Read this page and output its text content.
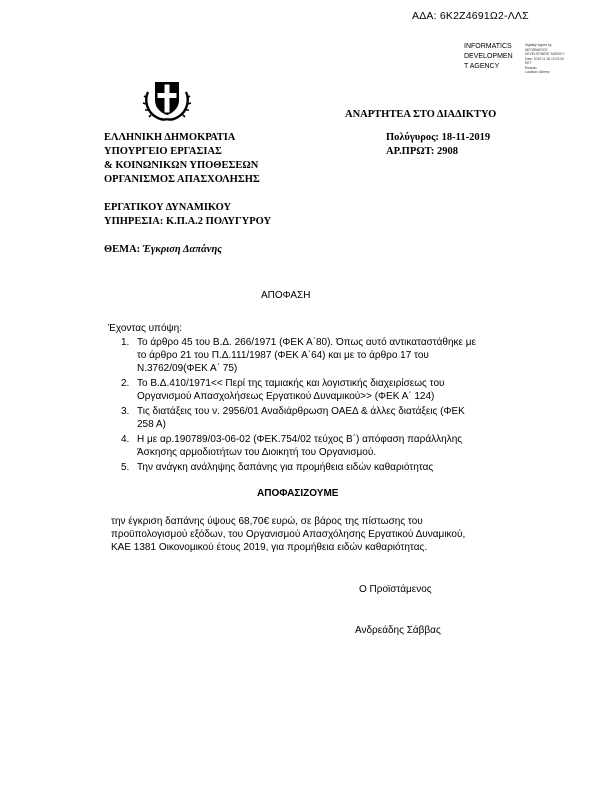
ΑΔΑ: 6Κ2Ζ4691Ω2-ΛΛΣ
INFORMATICS
DEVELOPMEN
T AGENCY
Digitally signed by
INFORMATICS
DEVELOPMENT AGENCY
Date: 2019.11.18 13:23:20
EET
Reason:
Location: Athens
ΑΝΑΡΤΗΤΕΑ ΣΤΟ ΔΙΑΔΙΚΤΥΟ
ΕΛΛΗΝΙΚΗ ΔΗΜΟΚΡΑΤΙΑ
ΥΠΟΥΡΓΕΙΟ ΕΡΓΑΣΙΑΣ
& ΚΟΙΝΩΝΙΚΩΝ ΥΠΟΘΕΣΕΩΝ
ΟΡΓΑΝΙΣΜΟΣ ΑΠΑΣΧΟΛΗΣΗΣ
Πολύγυρος: 18-11-2019
ΑΡ.ΠΡΩΤ: 2908
ΕΡΓΑΤΙΚΟΥ ΔΥΝΑΜΙΚΟΥ
ΥΠΗΡΕΣΙΑ: Κ.Π.Α.2 ΠΟΛΥΓΥΡΟΥ
ΘΕΜΑ: Έγκριση Δαπάνης
ΑΠΟΦΑΣΗ
Έχοντας υπόψη:
1. Το άρθρο 45 του Β.Δ. 266/1971 (ΦΕΚ Α΄80). Όπως αυτό αντικαταστάθηκε με
το άρθρο 21 του Π.Δ.111/1987 (ΦΕΚ Α΄64) και με το άρθρο 17 του
Ν.3762/09(ΦΕΚ Α΄ 75)
2. Το Β.Δ.410/1971<< Περί της ταμιακής και λογιστικής διαχειρίσεως του
Οργανισμού Απασχολήσεως Εργατικού Δυναμικού>> (ΦΕΚ Α΄ 124)
3. Τις διατάξεις του ν. 2956/01 Αναδιάρθρωση ΟΑΕΔ & άλλες διατάξεις (ΦΕΚ
258 Α)
4. Η με αρ.190789/03-06-02 (ΦΕΚ.754/02 τεύχος Β΄) απόφαση παράλληλης
Άσκησης αρμοδιοτήτων του Διοικητή του Οργανισμού.
5. Την ανάγκη ανάληψης δαπάνης για προμήθεια ειδών καθαριότητας
ΑΠΟΦΑΣΙΖΟΥΜΕ
την έγκριση δαπάνης ύψους 68,70€ ευρώ, σε βάρος της πίστωσης του
προϋπολογισμού εξόδων, του Οργανισμού Απασχόλησης Εργατικού Δυναμικού,
ΚΑΕ 1381 Οικονομικού έτους 2019, για προμήθεια ειδών καθαριότητας.
Ο Προϊστάμενος
Ανδρεάδης Σάββας
